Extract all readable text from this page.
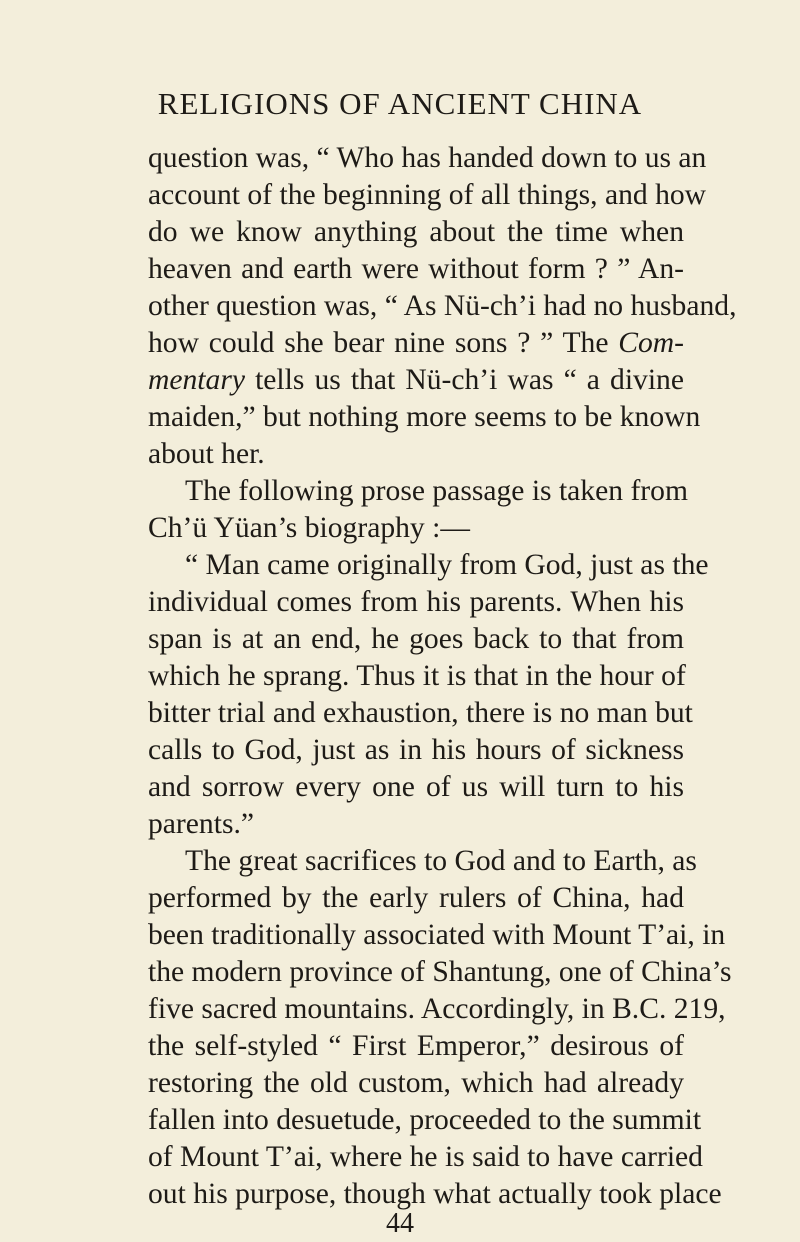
RELIGIONS OF ANCIENT CHINA
question was, “ Who has handed down to us an
account of the beginning of all things, and how
do we know anything about the time when
heaven and earth were without form ? ” An-
other question was, “ As Nü-ch’i had no husband,
how could she bear nine sons ? ” The Com-
mentary tells us that Nü-ch’i was “ a divine
maiden,” but nothing more seems to be known
about her.
The following prose passage is taken from
Ch’ü Yüan’s biography :—
“ Man came originally from God, just as the
individual comes from his parents. When his
span is at an end, he goes back to that from
which he sprang. Thus it is that in the hour of
bitter trial and exhaustion, there is no man but
calls to God, just as in his hours of sickness
and sorrow every one of us will turn to his
parents.”
The great sacrifices to God and to Earth, as
performed by the early rulers of China, had
been traditionally associated with Mount T’ai, in
the modern province of Shantung, one of China’s
five sacred mountains. Accordingly, in B.C. 219,
the self-styled “ First Emperor,” desirous of
restoring the old custom, which had already
fallen into desuetude, proceeded to the summit
of Mount T’ai, where he is said to have carried
out his purpose, though what actually took place
44
